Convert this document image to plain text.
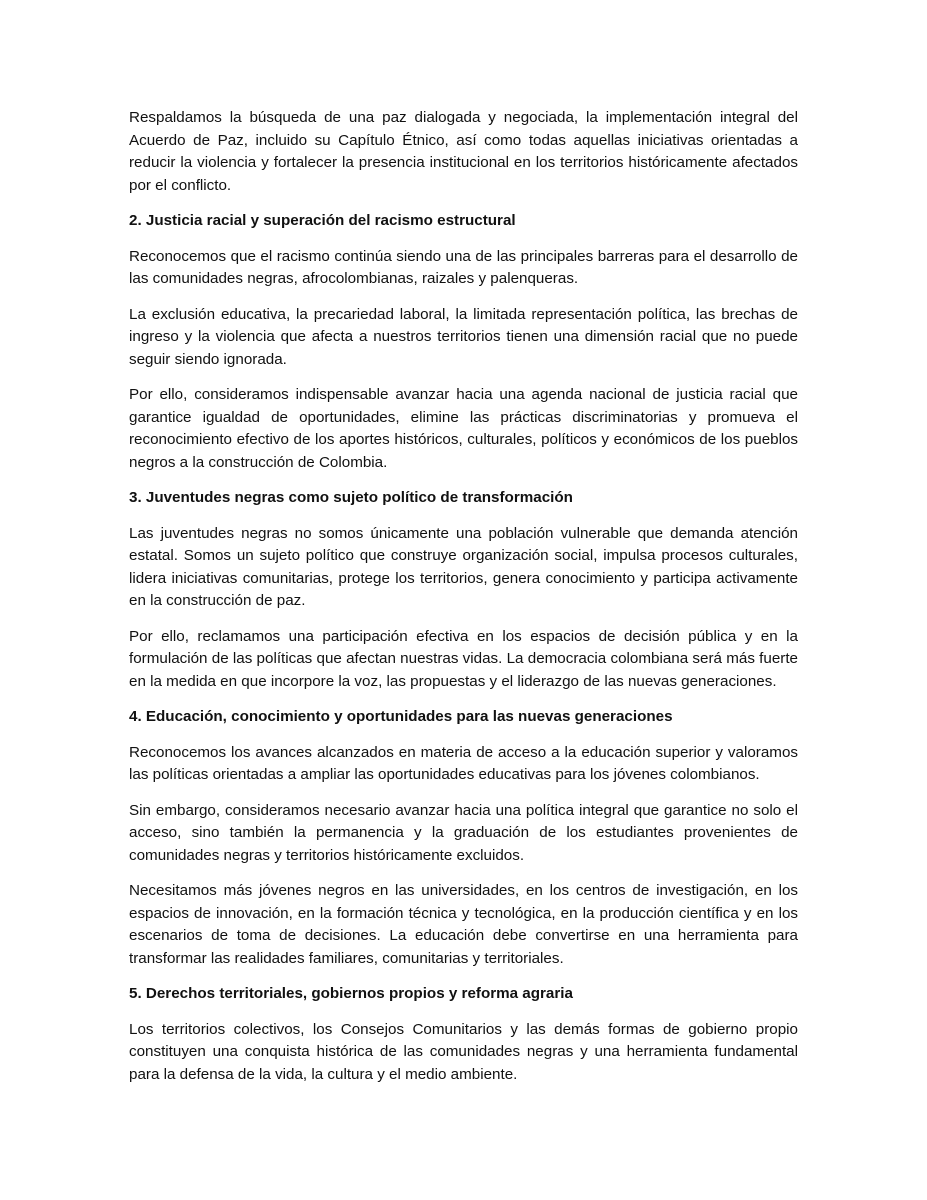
Respaldamos la búsqueda de una paz dialogada y negociada, la implementación integral del Acuerdo de Paz, incluido su Capítulo Étnico, así como todas aquellas iniciativas orientadas a reducir la violencia y fortalecer la presencia institucional en los territorios históricamente afectados por el conflicto.

2. Justicia racial y superación del racismo estructural

Reconocemos que el racismo continúa siendo una de las principales barreras para el desarrollo de las comunidades negras, afrocolombianas, raizales y palenqueras.

La exclusión educativa, la precariedad laboral, la limitada representación política, las brechas de ingreso y la violencia que afecta a nuestros territorios tienen una dimensión racial que no puede seguir siendo ignorada.

Por ello, consideramos indispensable avanzar hacia una agenda nacional de justicia racial que garantice igualdad de oportunidades, elimine las prácticas discriminatorias y promueva el reconocimiento efectivo de los aportes históricos, culturales, políticos y económicos de los pueblos negros a la construcción de Colombia.

3. Juventudes negras como sujeto político de transformación

Las juventudes negras no somos únicamente una población vulnerable que demanda atención estatal. Somos un sujeto político que construye organización social, impulsa procesos culturales, lidera iniciativas comunitarias, protege los territorios, genera conocimiento y participa activamente en la construcción de paz.

Por ello, reclamamos una participación efectiva en los espacios de decisión pública y en la formulación de las políticas que afectan nuestras vidas. La democracia colombiana será más fuerte en la medida en que incorpore la voz, las propuestas y el liderazgo de las nuevas generaciones.

4. Educación, conocimiento y oportunidades para las nuevas generaciones

Reconocemos los avances alcanzados en materia de acceso a la educación superior y valoramos las políticas orientadas a ampliar las oportunidades educativas para los jóvenes colombianos.

Sin embargo, consideramos necesario avanzar hacia una política integral que garantice no solo el acceso, sino también la permanencia y la graduación de los estudiantes provenientes de comunidades negras y territorios históricamente excluidos.

Necesitamos más jóvenes negros en las universidades, en los centros de investigación, en los espacios de innovación, en la formación técnica y tecnológica, en la producción científica y en los escenarios de toma de decisiones. La educación debe convertirse en una herramienta para transformar las realidades familiares, comunitarias y territoriales.

5. Derechos territoriales, gobiernos propios y reforma agraria

Los territorios colectivos, los Consejos Comunitarios y las demás formas de gobierno propio constituyen una conquista histórica de las comunidades negras y una herramienta fundamental para la defensa de la vida, la cultura y el medio ambiente.
